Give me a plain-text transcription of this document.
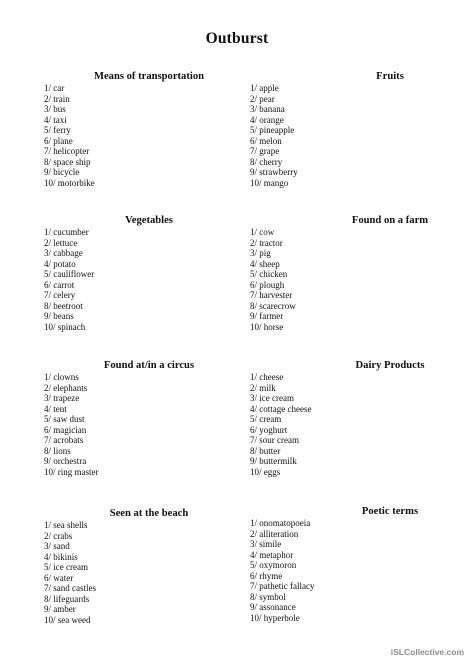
Outburst
Means of transportation
1/ car
2/ train
3/ bus
4/ taxi
5/ ferry
6/ plane
7/ helicopter
8/ space ship
9/ bicycle
10/ motorbike
Fruits
1/ apple
2/ pear
3/ banana
4/ orange
5/ pineapple
6/ melon
7/ grape
8/ cherry
9/ strawberry
10/ mango
Vegetables
1/ cucumber
2/ lettuce
3/ cabbage
4/ potato
5/ cauliflower
6/ carrot
7/ celery
8/ beetroot
9/ beans
10/ spinach
Found on a farm
1/ cow
2/ tractor
3/ pig
4/ sheep
5/ chicken
6/ plough
7/ harvester
8/ scarecrow
9/ farmer
10/ horse
Found at/in a circus
1/ clowns
2/ elephants
3/ trapeze
4/ tent
5/ saw dust
6/ magician
7/ acrobats
8/ lions
9/ orchestra
10/ ring master
Dairy Products
1/ cheese
2/ milk
3/ ice cream
4/ cottage cheese
5/ cream
6/ yoghurt
7/ sour cream
8/ butter
9/ buttermilk
10/ eggs
Seen at the beach
1/ sea shells
2/ crabs
3/ sand
4/ bikinis
5/ ice cream
6/ water
7/ sand castles
8/ lifeguards
9/ amber
10/ sea weed
Poetic terms
1/ onomatopoeia
2/ alliteration
3/ simile
4/ metaphor
5/ oxymoron
6/ rhyme
7/ pathetic fallacy
8/ symbol
9/ assonance
10/ hyperbole
iSLCollective.com
